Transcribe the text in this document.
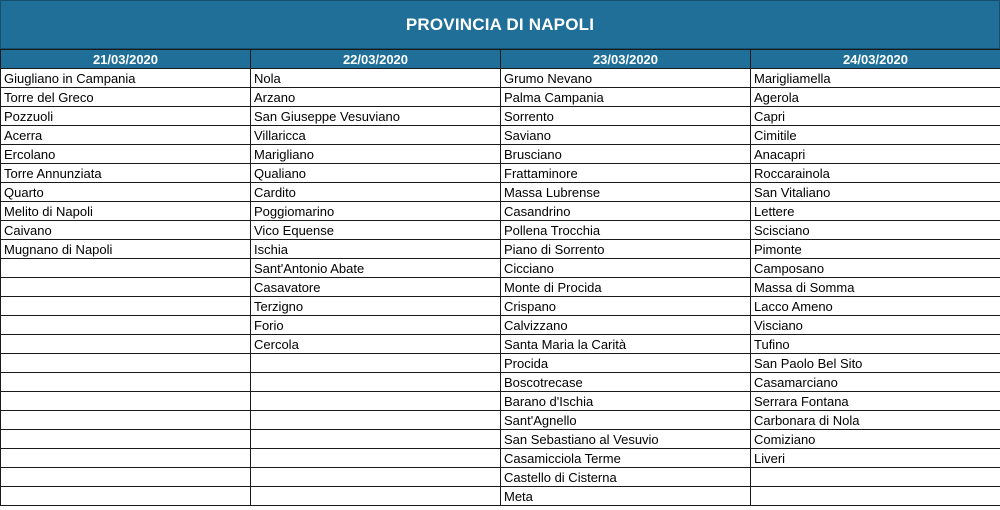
PROVINCIA DI NAPOLI
21/03/2020	22/03/2020	23/03/2020	24/03/2020
Giugliano in Campania	Nola	Grumo Nevano	Marigliamella
Torre del Greco	Arzano	Palma Campania	Agerola
Pozzuoli	San Giuseppe Vesuviano	Sorrento	Capri
Acerra	Villaricca	Saviano	Cimitile
Ercolano	Marigliano	Brusciano	Anacapri
Torre Annunziata	Qualiano	Frattaminore	Roccarainola
Quarto	Cardito	Massa Lubrense	San Vitaliano
Melito di Napoli	Poggiomarino	Casandrino	Lettere
Caivano	Vico Equense	Pollena Trocchia	Scisciano
Mugnano di Napoli	Ischia	Piano di Sorrento	Pimonte
	Sant'Antonio Abate	Cicciano	Camposano
	Casavatore	Monte di Procida	Massa di Somma
	Terzigno	Crispano	Lacco Ameno
	Forio	Calvizzano	Visciano
	Cercola	Santa Maria la Carità	Tufino
		Procida	San Paolo Bel Sito
		Boscotrecase	Casamarciano
		Barano d'Ischia	Serrara Fontana
		Sant'Agnello	Carbonara di Nola
		San Sebastiano al Vesuvio	Comiziano
		Casamicciola Terme	Liveri
		Castello di Cisterna	
		Meta	
